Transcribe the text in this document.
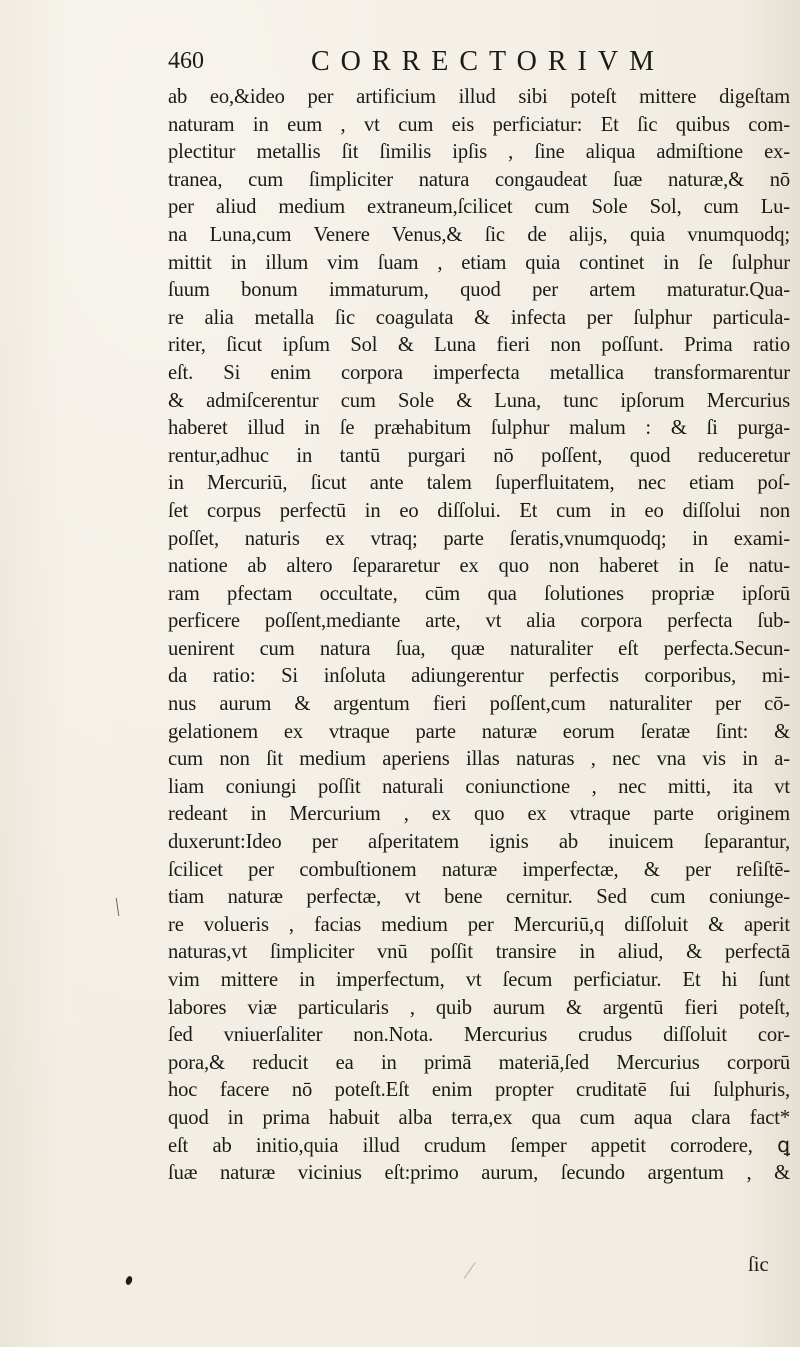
460	CORRECTORIVM
ab eo,&ideo per artificium illud sibi poteſt mittere digeſtam
naturam in eum , vt cum eis perficiatur: Et ſic quibus com-
plectitur metallis ſit ſimilis ipſis , ſine aliqua admiſtione ex-
tranea, cum ſimpliciter natura congaudeat ſuæ naturæ,& nō
per aliud medium extraneum,ſcilicet cum Sole Sol, cum Lu-
na Luna,cum Venere Venus,& ſic de alijs, quia vnumquodq;
mittit in illum vim ſuam , etiam quia continet in ſe ſulphur
ſuum bonum immaturum, quod per artem maturatur.Qua-
re alia metalla ſic coagulata & infecta per ſulphur particula-
riter, ſicut ipſum Sol & Luna fieri non poſſunt. Prima ratio
eſt. Si enim corpora imperfecta metallica transformarentur
& admiſcerentur cum Sole & Luna, tunc ipſorum Mercurius
haberet illud in ſe præhabitum ſulphur malum : & ſi purga-
rentur,adhuc in tantū purgari nō poſſent, quod reduceretur
in Mercuriū, ſicut ante talem ſuperfluitatem, nec etiam poſ-
ſet corpus perfectū in eo diſſolui. Et cum in eo diſſolui non
poſſet, naturis ex vtraq; parte ſeratis,vnumquodq; in exami-
natione ab altero ſepararetur ex quo non haberet in ſe natu-
ram pfectam occultate, cūm qua ſolutiones propriæ ipſorū
perficere poſſent,mediante arte, vt alia corpora perfecta ſub-
uenirent cum natura ſua, quæ naturaliter eſt perfecta.Secun-
da ratio: Si inſoluta adiungerentur perfectis corporibus, mi-
nus aurum & argentum fieri poſſent,cum naturaliter per cō-
gelationem ex vtraque parte naturæ eorum ſeratæ ſint: &
cum non ſit medium aperiens illas naturas , nec vna vis in a-
liam coniungi poſſit naturali coniunctione , nec mitti, ita vt
redeant in Mercurium , ex quo ex vtraque parte originem
duxerunt:Ideo per aſperitatem ignis ab inuicem ſeparantur,
ſcilicet per combuſtionem naturæ imperfectæ, & per reſiſtē-
tiam naturæ perfectæ, vt bene cernitur. Sed cum coniunge-
re volueris , facias medium per Mercuriū,q diſſoluit & aperit
naturas,vt ſimpliciter vnū poſſit transire in aliud, & perfectā
vim mittere in imperfectum, vt ſecum perficiatur. Et hi ſunt
labores viæ particularis , quib aurum & argentū fieri poteſt,
ſed vniuerſaliter non.Nota. Mercurius crudus diſſoluit cor-
pora,& reducit ea in primā materiā,ſed Mercurius corporū
hoc facere nō poteſt.Eſt enim propter cruditatē ſui ſulphuris,
quod in prima habuit alba terra,ex qua cum aqua clara fact*
eſt ab initio,quia illud crudum ſemper appetit corrodere, ꝗ
ſuæ naturæ vicinius eſt:primo aurum, ſecundo argentum , &
ſic
